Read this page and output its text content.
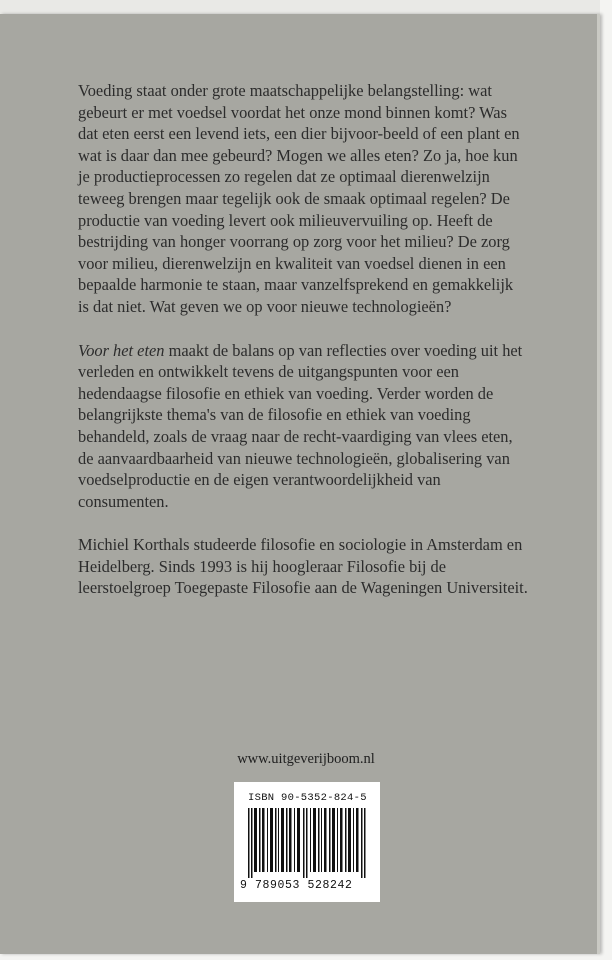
Voeding staat onder grote maatschappelijke belangstelling: wat gebeurt er met voedsel voordat het onze mond binnen komt? Was dat eten eerst een levend iets, een dier bijvoor-beeld of een plant en wat is daar dan mee gebeurd? Mogen we alles eten? Zo ja, hoe kun je productieprocessen zo regelen dat ze optimaal dierenwelzijn teweeg brengen maar tegelijk ook de smaak optimaal regelen? De productie van voeding levert ook milieuvervuiling op. Heeft de bestrijding van honger voorrang op zorg voor het milieu? De zorg voor milieu, dierenwelzijn en kwaliteit van voedsel dienen in een bepaalde harmonie te staan, maar vanzelfsprekend en gemakkelijk is dat niet. Wat geven we op voor nieuwe technologieën?

Voor het eten maakt de balans op van reflecties over voeding uit het verleden en ontwikkelt tevens de uitgangspunten voor een hedendaagse filosofie en ethiek van voeding. Verder worden de belangrijkste thema's van de filosofie en ethiek van voeding behandeld, zoals de vraag naar de recht-vaardiging van vlees eten, de aanvaardbaarheid van nieuwe technologieën, globalisering van voedselproductie en de eigen verantwoordelijkheid van consumenten.

Michiel Korthals studeerde filosofie en sociologie in Amsterdam en Heidelberg. Sinds 1993 is hij hoogleraar Filosofie bij de leerstoelgroep Toegepaste Filosofie aan de Wageningen Universiteit.

www.uitgeverijboom.nl
ISBN 90-5352-824-5
9 789053 528242
